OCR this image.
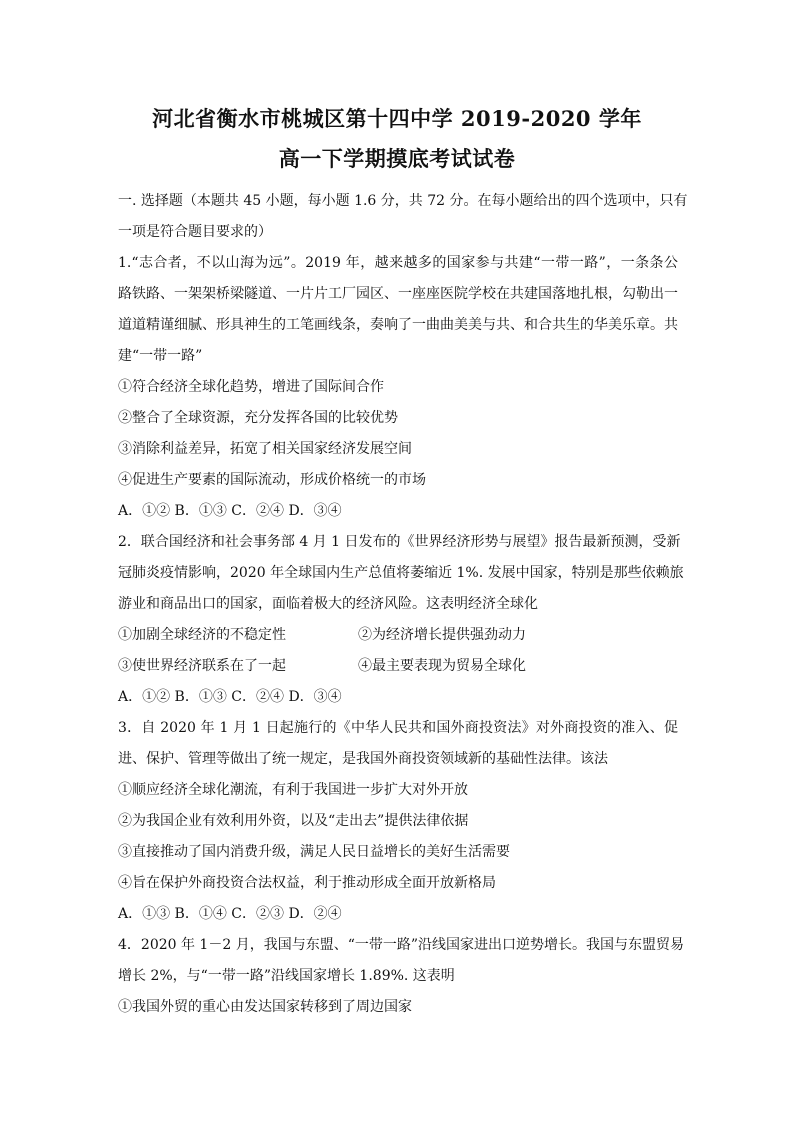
河北省衡水市桃城区第十四中学 2019-2020 学年
高一下学期摸底考试试卷
一. 选择题（本题共 45 小题，每小题 1.6 分，共 72 分。在每小题给出的四个选项中，只有
一项是符合题目要求的）
1.“志合者，不以山海为远”。2019 年，越来越多的国家参与共建“一带一路”，一条条公
路铁路、一架架桥梁隧道、一片片工厂园区、一座座医院学校在共建国落地扎根，勾勒出一
道道精谨细腻、形具神生的工笔画线条，奏响了一曲曲美美与共、和合共生的华美乐章。共
建“一带一路”
①符合经济全球化趋势，增进了国际间合作
②整合了全球资源，充分发挥各国的比较优势
③消除利益差异，拓宽了相关国家经济发展空间
④促进生产要素的国际流动，形成价格统一的市场
A．①② B．①③ C．②④ D．③④
2．联合国经济和社会事务部 4 月 1 日发布的《世界经济形势与展望》报告最新预测，受新
冠肺炎疫情影响，2020 年全球国内生产总值将萎缩近 1%. 发展中国家，特别是那些依赖旅
游业和商品出口的国家，面临着极大的经济风险。这表明经济全球化
①加剧全球经济的不稳定性	②为经济增长提供强劲动力
③使世界经济联系在了一起	④最主要表现为贸易全球化
A．①② B．①③ C．②④ D．③④
3．自 2020 年 1 月 1 日起施行的《中华人民共和国外商投资法》对外商投资的准入、促
进、保护、管理等做出了统一规定，是我国外商投资领域新的基础性法律。该法
①顺应经济全球化潮流，有利于我国进一步扩大对外开放
②为我国企业有效利用外资，以及“走出去”提供法律依据
③直接推动了国内消费升级，满足人民日益增长的美好生活需要
④旨在保护外商投资合法权益，利于推动形成全面开放新格局
A．①③ B．①④ C．②③ D．②④
4．2020 年 1－2 月，我国与东盟、“一带一路”沿线国家进出口逆势增长。我国与东盟贸易
增长 2%，与“一带一路”沿线国家增长 1.89%. 这表明
①我国外贸的重心由发达国家转移到了周边国家
